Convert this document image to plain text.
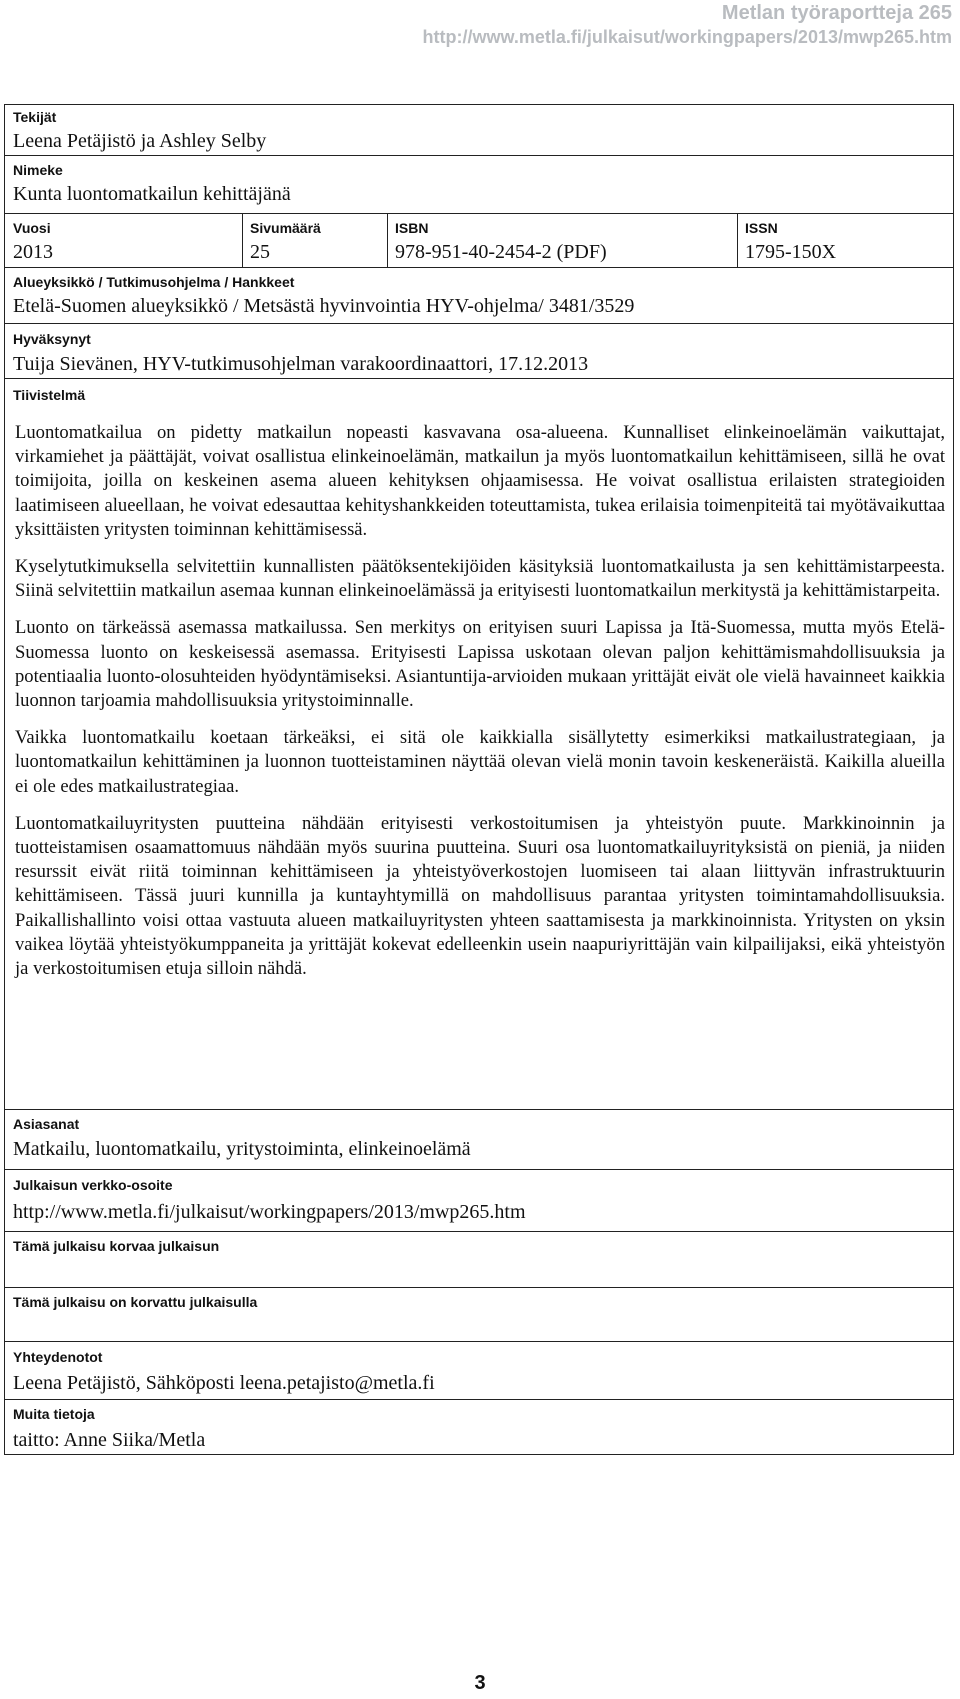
Metlan työraportteja 265
http://www.metla.fi/julkaisut/workingpapers/2013/mwp265.htm
Tekijät
Leena Petäjistö ja Ashley Selby
Nimeke
Kunta luontomatkailun kehittäjänä
Vuosi
2013
Sivumäärä
25
ISBN
978-951-40-2454-2 (PDF)
ISSN
1795-150X
Alueyksikkö / Tutkimusohjelma / Hankkeet
Etelä-Suomen alueyksikkö / Metsästä hyvinvointia HYV-ohjelma/ 3481/3529
Hyväksynyt
Tuija Sievänen, HYV-tutkimusohjelman varakoordinaattori, 17.12.2013
Tiivistelmä

Luontomatkailua on pidetty matkailun nopeasti kasvavana osa-alueena. Kunnalliset elinkeinoelämän vaikuttajat, virkamiehet ja päättäjät, voivat osallistua elinkeinoelämän, matkailun ja myös luontomatkailun kehittämiseen, sillä he ovat toimijoita, joilla on keskeinen asema alueen kehityksen ohjaamisessa. He voivat osallistua erilaisten strategioiden laatimiseen alueellaan, he voivat edesauttaa kehityshankkeiden toteuttamista, tukea erilaisia toimenpiteitä tai myötävaikuttaa yksittäisten yritysten toiminnan kehittämisessä.

Kyselytutkimuksella selvitettiin kunnallisten päätöksentekijöiden käsityksiä luontomatkailusta ja sen kehittämistarpeesta. Siinä selvitettiin matkailun asemaa kunnan elinkeinoelämässä ja erityisesti luontomatkailun merkitystä ja kehittämistarpeita.

Luonto on tärkeässä asemassa matkailussa. Sen merkitys on erityisen suuri Lapissa ja Itä-Suomessa, mutta myös Etelä-Suomessa luonto on keskeisessä asemassa. Erityisesti Lapissa uskotaan olevan paljon kehittämismahdollisuuksia ja potentiaalia luonto-olosuhteiden hyödyntämiseksi. Asiantuntija-arvioiden mukaan yrittäjät eivät ole vielä havainneet kaikkia luonnon tarjoamia mahdollisuuksia yritystoiminnalle.

Vaikka luontomatkailu koetaan tärkeäksi, ei sitä ole kaikkialla sisällytetty esimerkiksi matkailustrategiaan, ja luontomatkailun kehittäminen ja luonnon tuotteistaminen näyttää olevan vielä monin tavoin keskeneräistä. Kaikilla alueilla ei ole edes matkailustrategiaa.

Luontomatkailuyritysten puutteina nähdään erityisesti verkostoitumisen ja yhteistyön puute. Markkinoinnin ja tuotteistamisen osaamattomuus nähdään myös suurina puutteina. Suuri osa luontomatkailuyrityksistä on pieniä, ja niiden resurssit eivät riitä toiminnan kehittämiseen ja yhteistyöverkostojen luomiseen tai alaan liittyvän infrastruktuurin kehittämiseen. Tässä juuri kunnilla ja kuntayhtymillä on mahdollisuus parantaa yritysten toimintamahdollisuuksia. Paikallishallinto voisi ottaa vastuuta alueen matkailuyritysten yhteen saattamisesta ja markkinoinnista. Yritysten on yksin vaikea löytää yhteistyökumppaneita ja yrittäjät kokevat edelleenkin usein naapuriyrittäjän vain kilpailijaksi, eikä yhteistyön ja verkostoitumisen etuja silloin nähdä.

Asiasanat
Matkailu, luontomatkailu, yritystoiminta, elinkeinoelämä
Julkaisun verkko-osoite
http://www.metla.fi/julkaisut/workingpapers/2013/mwp265.htm
Tämä julkaisu korvaa julkaisun
Tämä julkaisu on korvattu julkaisulla
Yhteydenotot
Leena Petäjistö, Sähköposti leena.petajisto@metla.fi
Muita tietoja
taitto: Anne Siika/Metla
3
